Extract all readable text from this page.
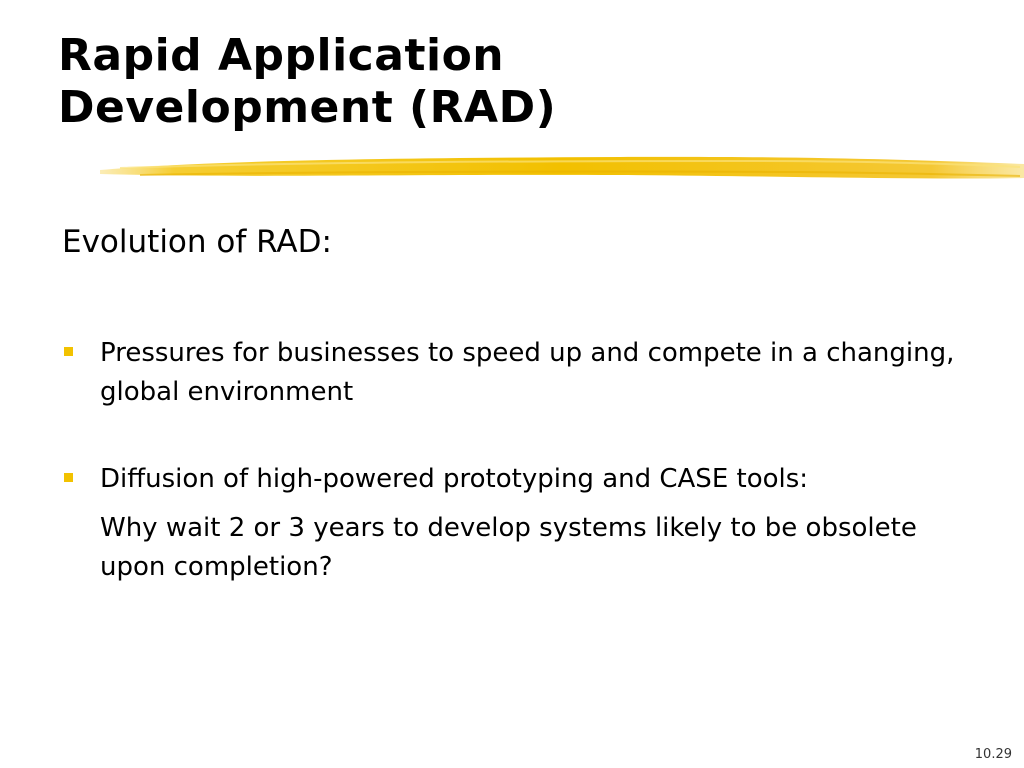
Rapid Application
Development (RAD)
Evolution of RAD:
Pressures for businesses to speed up and compete in a changing, global environment
Diffusion of high-powered prototyping and CASE tools:
Why wait 2 or 3 years to develop systems likely to be obsolete upon completion?
10.29
